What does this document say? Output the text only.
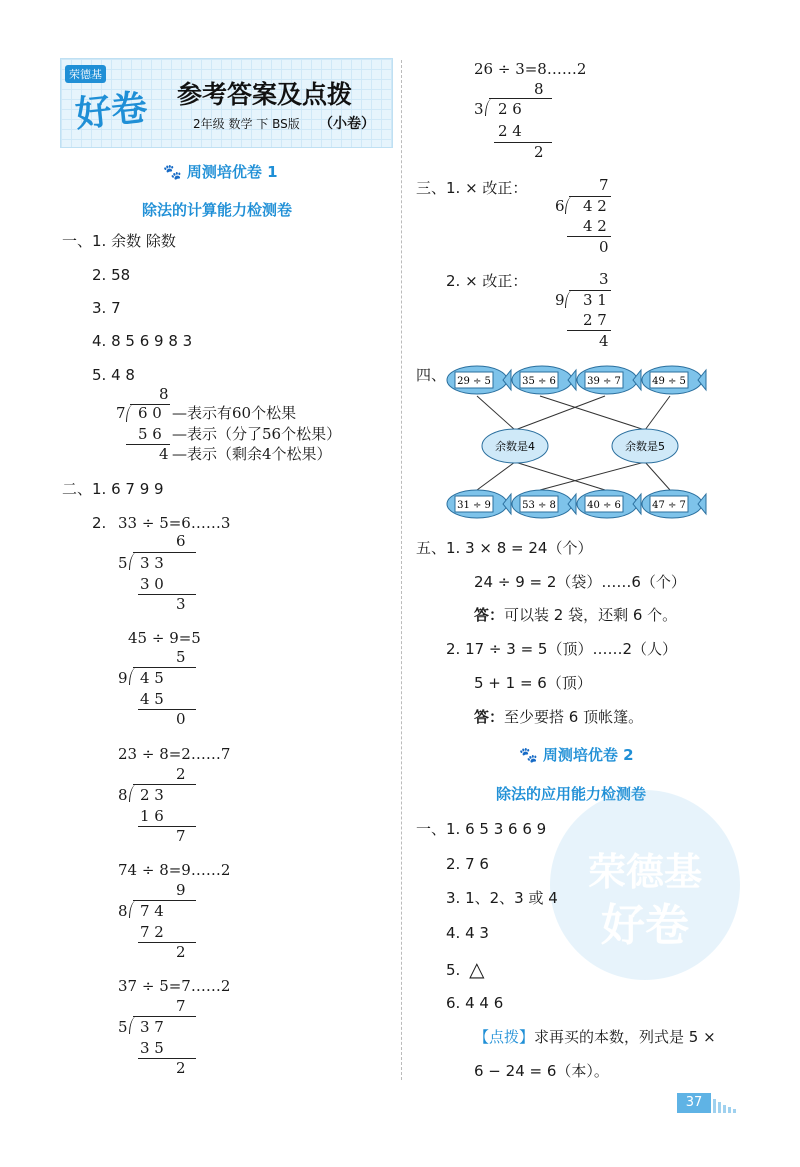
荣德基
好卷 参考答案及点拨
2年级 数学 下 BS版 （小卷）
🐾 周测培优卷 1
除法的计算能力检测卷
一、 1. 余数 除数
2. 58
3. 7
4. 8 5 6 9 8 3
5. 4 8
8
7 6 0 —表示有60个松果
5 6 —表示（分了56个松果）
4 —表示（剩余4个松果）
二、 1. 6 7 9 9
2. 33 ÷ 5=6……3
6
5 3 3
3 0
3
45 ÷ 9=5
5
9 4 5
4 5
0
23 ÷ 8=2……7
2
8 2 3
1 6
7
74 ÷ 8=9……2
9
8 7 4
7 2
2
37 ÷ 5=7……2
7
5 3 7
3 5
2
26 ÷ 3=8……2
8
3 2 6
2 4
2
三、 1. × 改正：	7
6 4 2
4 2
0
2. × 改正：	3
9 3 1
2 7
4
四、 29 ÷ 5	35 ÷ 6	39 ÷ 7	49 ÷ 5
余数是4	余数是5
31 ÷ 9	53 ÷ 8	40 ÷ 6	47 ÷ 7
五、 1. 3 × 8 = 24（个）
24 ÷ 9 = 2（袋）……6（个）
答：可以装 2 袋，还剩 6 个。
2. 17 ÷ 3 = 5（顶）……2（人）
5 + 1 = 6（顶）
答：至少要搭 6 顶帐篷。
🐾 周测培优卷 2
除法的应用能力检测卷
荣德基
好卷
一、 1. 6 5 3 6 6 9
2. 7 6
3. 1、2、3 或 4
4. 4 3
5. △
6. 4 4 6
【点拨】求再买的本数，列式是 5 ×
6 − 24 = 6（本）。
37
